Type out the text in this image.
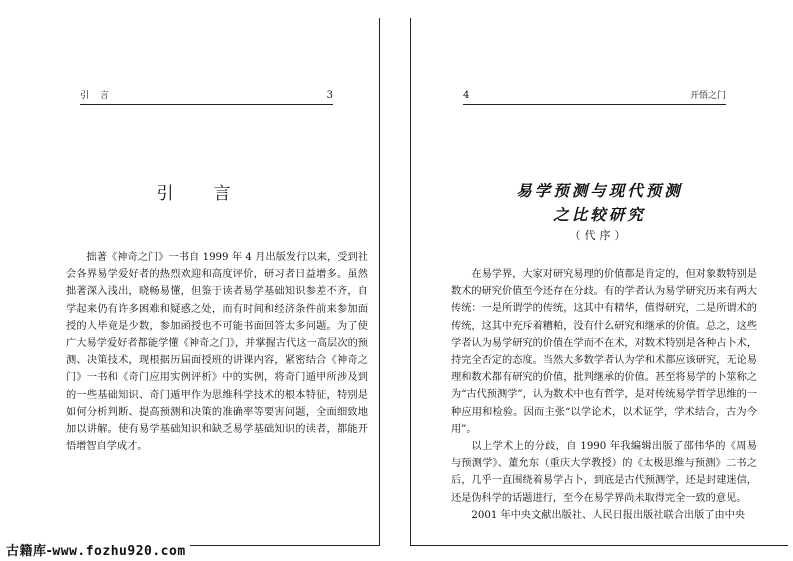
引 言	3
引言

拙著《神奇之门》一书自 1999 年 4 月出版发行以来，受到社会各界易学爱好者的热烈欢迎和高度评价，研习者日益增多。虽然拙著深入浅出，晓畅易懂，但鉴于读者易学基础知识参差不齐，自学起来仍有许多困难和疑惑之处，而有时间和经济条件前来参加面授的人毕竟是少数，参加函授也不可能书面回答太多问题。为了使广大易学爱好者都能学懂《神奇之门》，并掌握古代这一高层次的预测、决策技术，现根据历届面授班的讲课内容，紧密结合《神奇之门》一书和《奇门应用实例评析》中的实例，将奇门遁甲所涉及到的一些基础知识、奇门遁甲作为思维科学技术的根本特征，特别是如何分析判断、提高预测和决策的准确率等要害问题，全面细致地加以讲解。使有易学基础知识和缺乏易学基础知识的读者，都能开悟增智自学成才。

4	开悟之门
易学预测与现代预测
之比较研究
（代序）

在易学界，大家对研究易理的价值都是肯定的，但对象数特别是数术的研究价值至今还存在分歧。有的学者认为易学研究历来有两大传统：一是所谓学的传统，这其中有精华，值得研究，二是所谓术的传统，这其中充斥着糟粕，没有什么研究和继承的价值。总之，这些学者认为易学研究的价值在学而不在术，对数术特别是各种占卜术，持完全否定的态度。当然大多数学者认为学和术都应该研究，无论易理和数术都有研究的价值，批判继承的价值。甚至将易学的卜筮称之为“古代预测学”，认为数术中也有哲学，是对传统易学哲学思维的一种应用和检验。因而主张“以学论术，以术证学，学术结合，古为今用”。

以上学术上的分歧，自 1990 年我编辑出版了邵伟华的《周易与预测学》、董允东（重庆大学教授）的《太极思维与预测》二书之后，几乎一直围绕着易学占卜，到底是古代预测学，还是封建迷信，还是伪科学的话题进行，至今在易学界尚未取得完全一致的意见。

2001 年中央文献出版社、人民日报出版社联合出版了由中央

古籍库-www.fozhu920.com
